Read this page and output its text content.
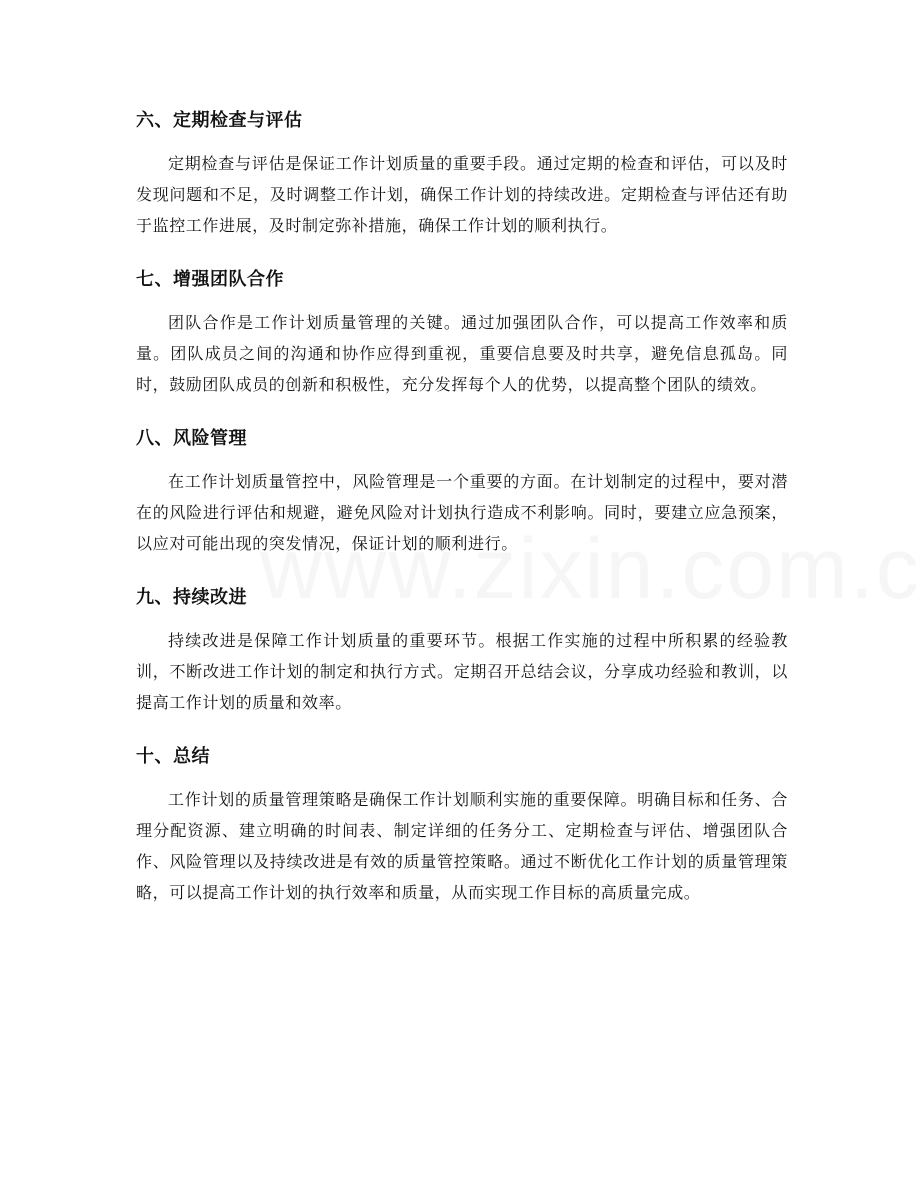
六、定期检查与评估

定期检查与评估是保证工作计划质量的重要手段。通过定期的检查和评估，可以及时发现问题和不足，及时调整工作计划，确保工作计划的持续改进。定期检查与评估还有助于监控工作进展，及时制定弥补措施，确保工作计划的顺利执行。

七、增强团队合作

团队合作是工作计划质量管理的关键。通过加强团队合作，可以提高工作效率和质量。团队成员之间的沟通和协作应得到重视，重要信息要及时共享，避免信息孤岛。同时，鼓励团队成员的创新和积极性，充分发挥每个人的优势，以提高整个团队的绩效。

八、风险管理

在工作计划质量管控中，风险管理是一个重要的方面。在计划制定的过程中，要对潜在的风险进行评估和规避，避免风险对计划执行造成不利影响。同时，要建立应急预案，以应对可能出现的突发情况，保证计划的顺利进行。

九、持续改进

持续改进是保障工作计划质量的重要环节。根据工作实施的过程中所积累的经验教训，不断改进工作计划的制定和执行方式。定期召开总结会议，分享成功经验和教训，以提高工作计划的质量和效率。

十、总结

工作计划的质量管理策略是确保工作计划顺利实施的重要保障。明确目标和任务、合理分配资源、建立明确的时间表、制定详细的任务分工、定期检查与评估、增强团队合作、风险管理以及持续改进是有效的质量管控策略。通过不断优化工作计划的质量管理策略，可以提高工作计划的执行效率和质量，从而实现工作目标的高质量完成。
